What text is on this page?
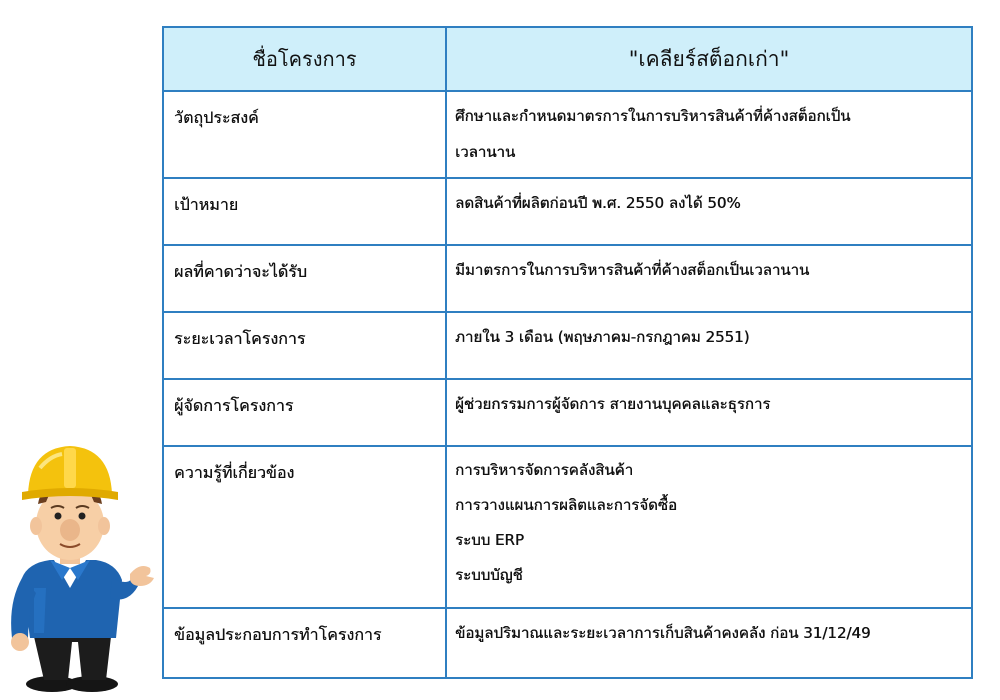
ชื่อโครงการ	"เคลียร์สต็อกเก่า"
วัตถุประสงค์	ศึกษาและกำหนดมาตรการในการบริหารสินค้าที่ค้างสต็อกเป็น
เวลานาน

เป้าหมาย	ลดสินค้าที่ผลิตก่อนปี พ.ศ. 2550 ลงได้ 50%

ผลที่คาดว่าจะได้รับ	มีมาตรการในการบริหารสินค้าที่ค้างสต็อกเป็นเวลานาน

ระยะเวลาโครงการ	ภายใน 3 เดือน (พฤษภาคม-กรกฎาคม 2551)

ผู้จัดการโครงการ	ผู้ช่วยกรรมการผู้จัดการ สายงานบุคคลและธุรการ

ความรู้ที่เกี่ยวข้อง	การบริหารจัดการคลังสินค้า
การวางแผนการผลิตและการจัดซื้อ
ระบบ ERP
ระบบบัญชี

ข้อมูลประกอบการทำโครงการ	ข้อมูลปริมาณและระยะเวลาการเก็บสินค้าคงคลัง ก่อน 31/12/49
